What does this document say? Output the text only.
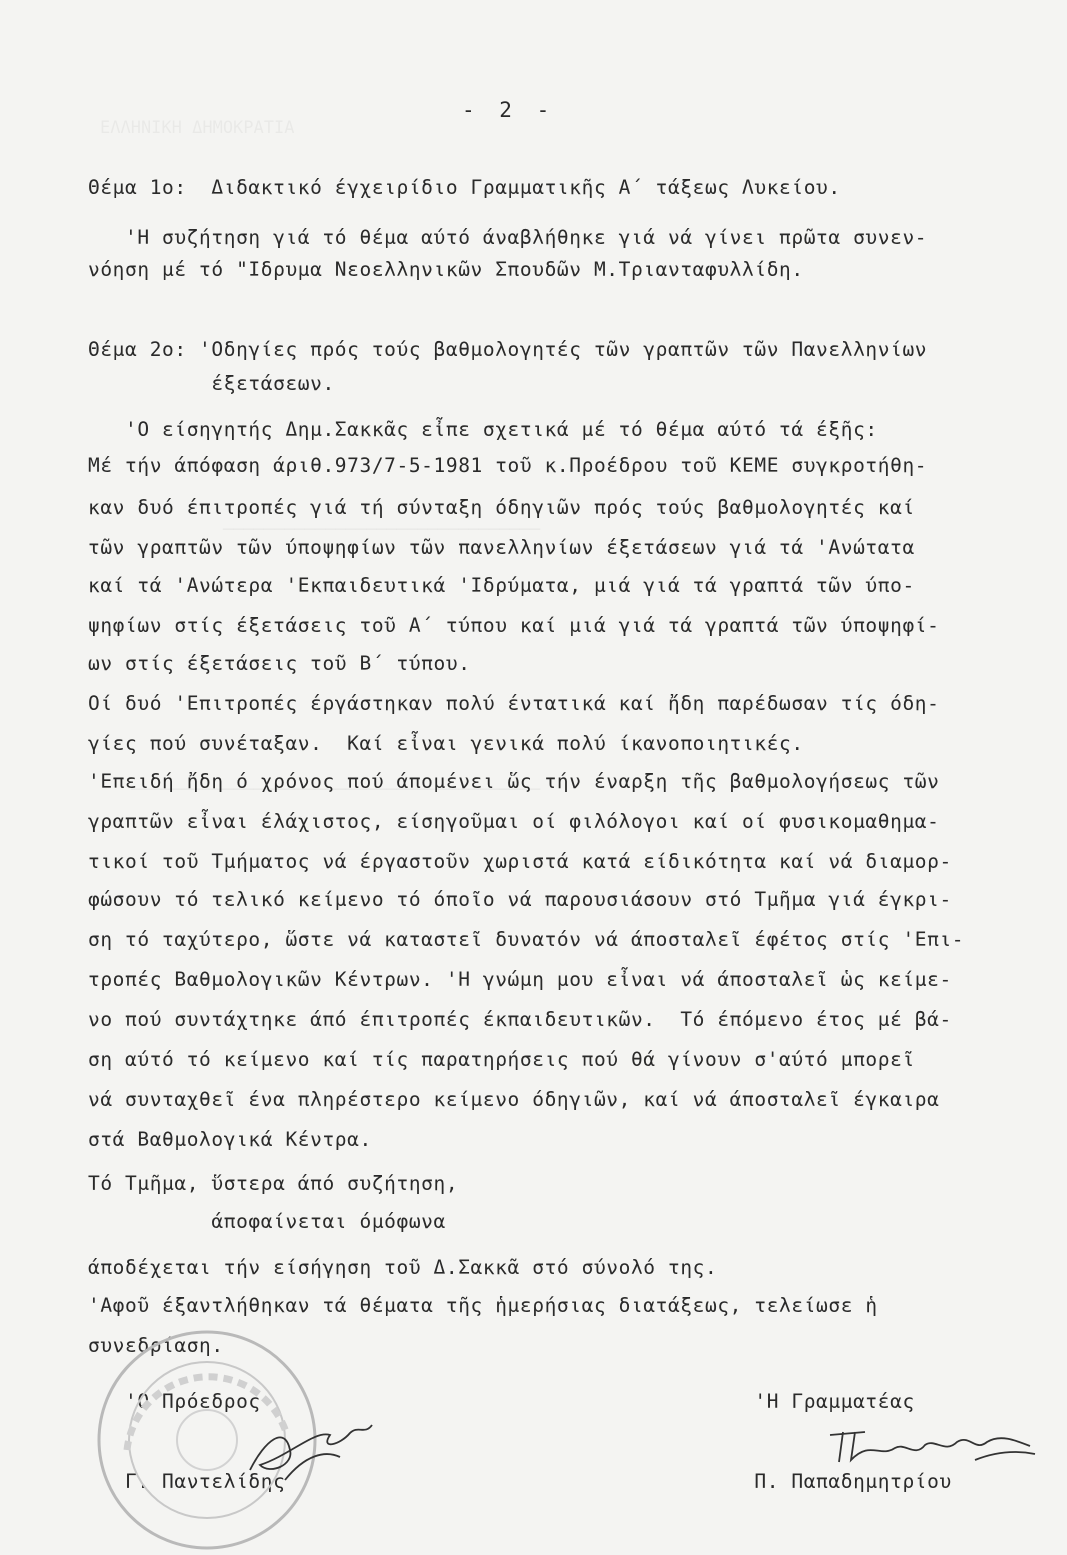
- 2 -
Θέμα 1ο:  Διδακτικό έγχειρίδιο Γραμματικῆς Α΄ τάξεως Λυκείου.
'Η συζήτηση γιά τό θέμα αύτό άναβλήθηκε γιά νά γίνει πρῶτα συνεν-
νόηση μέ τό "Ιδρυμα Νεοελληνικῶν Σπουδῶν Μ.Τριανταφυλλίδη.
Θέμα 2ο: 'Οδηγίες πρός τούς βαθμολογητές τῶν γραπτῶν τῶν Πανελληνίων
έξετάσεων.
'Ο είσηγητής Δημ.Σακκᾶς εἶπε σχετικά μέ τό θέμα αύτό τά έξῆς:
Μέ τήν άπόφαση άριθ.973/7-5-1981 τοῦ κ.Προέδρου τοῦ ΚΕΜΕ συγκροτήθη-
καν δυό έπιτροπές γιά τή σύνταξη όδηγιῶν πρός τούς βαθμολογητές καί
τῶν γραπτῶν τῶν ύποψηφίων τῶν πανελληνίων έξετάσεων γιά τά 'Ανώτατα
καί τά 'Ανώτερα 'Εκπαιδευτικά 'Ιδρύματα, μιά γιά τά γραπτά τῶν ύπο-
ψηφίων στίς έξετάσεις τοῦ Α΄ τύπου καί μιά γιά τά γραπτά τῶν ύποψηφί-
ων στίς έξετάσεις τοῦ Β΄ τύπου.
Οί δυό 'Επιτροπές έργάστηκαν πολύ έντατικά καί ἤδη παρέδωσαν τίς όδη-
γίες πού συνέταξαν.  Καί εἶναι γενικά πολύ ίκανοποιητικές.
'Επειδή ἤδη ό χρόνος πού άπομένει ὥς τήν έναρξη τῆς βαθμολογήσεως τῶν
γραπτῶν εἶναι έλάχιστος, είσηγοῦμαι οί φιλόλογοι καί οί φυσικομαθημα-
τικοί τοῦ Τμήματος νά έργαστοῦν χωριστά κατά είδικότητα καί νά διαμορ-
φώσουν τό τελικό κείμενο τό όποῖο νά παρουσιάσουν στό Τμῆμα γιά έγκρι-
ση τό ταχύτερο, ὥστε νά καταστεῖ δυνατόν νά άποσταλεῖ έφέτος στίς 'Επι-
τροπές Βαθμολογικῶν Κέντρων. 'Η γνώμη μου εἶναι νά άποσταλεῖ ὡς κείμε-
νο πού συντάχτηκε άπό έπιτροπές έκπαιδευτικῶν.  Τό έπόμενο έτος μέ βά-
ση αύτό τό κείμενο καί τίς παρατηρήσεις πού θά γίνουν σ'αύτό μπορεῖ
νά συνταχθεῖ ένα πληρέστερο κείμενο όδηγιῶν, καί νά άποσταλεῖ έγκαιρα
στά Βαθμολογικά Κέντρα.
Τό Τμῆμα, ὕστερα άπό συζήτηση,
άποφαίνεται όμόφωνα
άποδέχεται τήν είσήγηση τοῦ Δ.Σακκᾶ στό σύνολό της.
'Αφοῦ έξαντλήθηκαν τά θέματα τῆς ἡμερήσιας διατάξεως, τελείωσε ἡ
συνεδρίαση.
'Ο Πρόεδρος                                        'Η Γραμματέας
Γ. Παντελίδης                                      Π. Παπαδημητρίου
